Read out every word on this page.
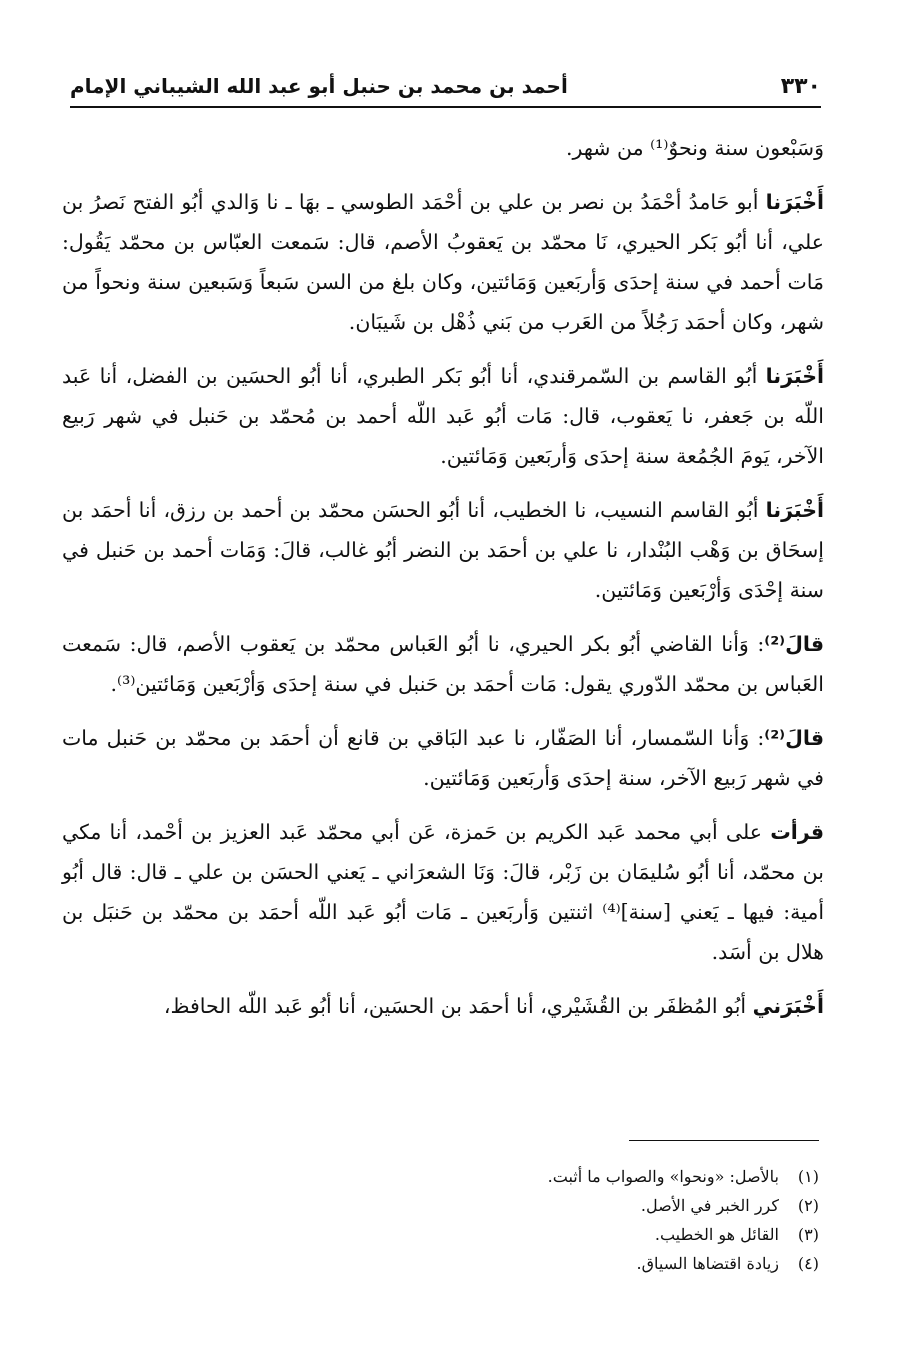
٣٣٠
أحمد بن محمد بن حنبل أبو عبد الله الشيباني الإمام

وَسَبْعون سنة ونحوٌ⁽¹⁾ من شهر.

أَخْبَرَنا أبو حَامدُ أحْمَدُ بن نصر بن علي بن أحْمَد الطوسي ـ بهَا ـ نا وَالدي أبُو الفتح نَصرُ بن علي، أنا أبُو بَكر الحيري، نَا محمّد بن يَعقوبُ الأصم، قال: سَمعت العبّاس بن محمّد يَقُول: مَات أحمد في سنة إحدَى وَأربَعين وَمَائتين، وكان بلغ من السن سَبعاً وَسَبعين سنة ونحواً من شهر، وكان أحمَد رَجُلاً من العَرب من بَني ذُهْل بن شَيبَان.

أَخْبَرَنا أبُو القاسم بن السّمرقندي، أنا أبُو بَكر الطبري، أنا أبُو الحسَين بن الفضل، أنا عَبد اللّه بن جَعفر، نا يَعقوب، قال: مَات أبُو عَبد اللّه أحمد بن مُحمّد بن حَنبل في شهر رَبيع الآخر، يَومَ الجُمُعة سنة إحدَى وَأربَعين وَمَائتين.

أَخْبَرَنا أبُو القاسم النسيب، نا الخطيب، أنا أبُو الحسَن محمّد بن أحمد بن رزق، أنا أحمَد بن إسحَاق بن وَهْب البُنْدار، نا علي بن أحمَد بن النضر أبُو غالب، قالَ: وَمَات أحمد بن حَنبل في سنة إحْدَى وَأرْبَعين وَمَائتين.

قالَ⁽²⁾: وَأنا القاضي أبُو بكر الحيري، نا أبُو العَباس محمّد بن يَعقوب الأصم، قال: سَمعت العَباس بن محمّد الدّوري يقول: مَات أحمَد بن حَنبل في سنة إحدَى وَأرْبَعين وَمَائتين⁽³⁾.

قالَ⁽²⁾: وَأنا السّمسار، أنا الصَفّار، نا عبد البَاقي بن قانع أن أحمَد بن محمّد بن حَنبل مات في شهر رَبيع الآخر، سنة إحدَى وَأربَعين وَمَائتين.

قرأت على أبي محمد عَبد الكريم بن حَمزة، عَن أبي محمّد عَبد العزيز بن أحْمد، أنا مكي بن محمّد، أنا أبُو سُليمَان بن زَبْر، قالَ: وَنَا الشعرَاني ـ يَعني الحسَن بن علي ـ قال: قال أبُو أمية: فيها ـ يَعني [سنة]⁽⁴⁾ اثنتين وَأربَعين ـ مَات أبُو عَبد اللّه أحمَد بن محمّد بن حَنبَل بن هلال بن أسَد.

أَخْبَرَني أبُو المُظفَر بن القُشَيْري، أنا أحمَد بن الحسَين، أنا أبُو عَبد اللّه الحافظ،

(١)
بالأصل: «ونحوا» والصواب ما أثبت.
(٢)
كرر الخبر في الأصل.
(٣)
القائل هو الخطيب.
(٤)
زيادة اقتضاها السياق.
